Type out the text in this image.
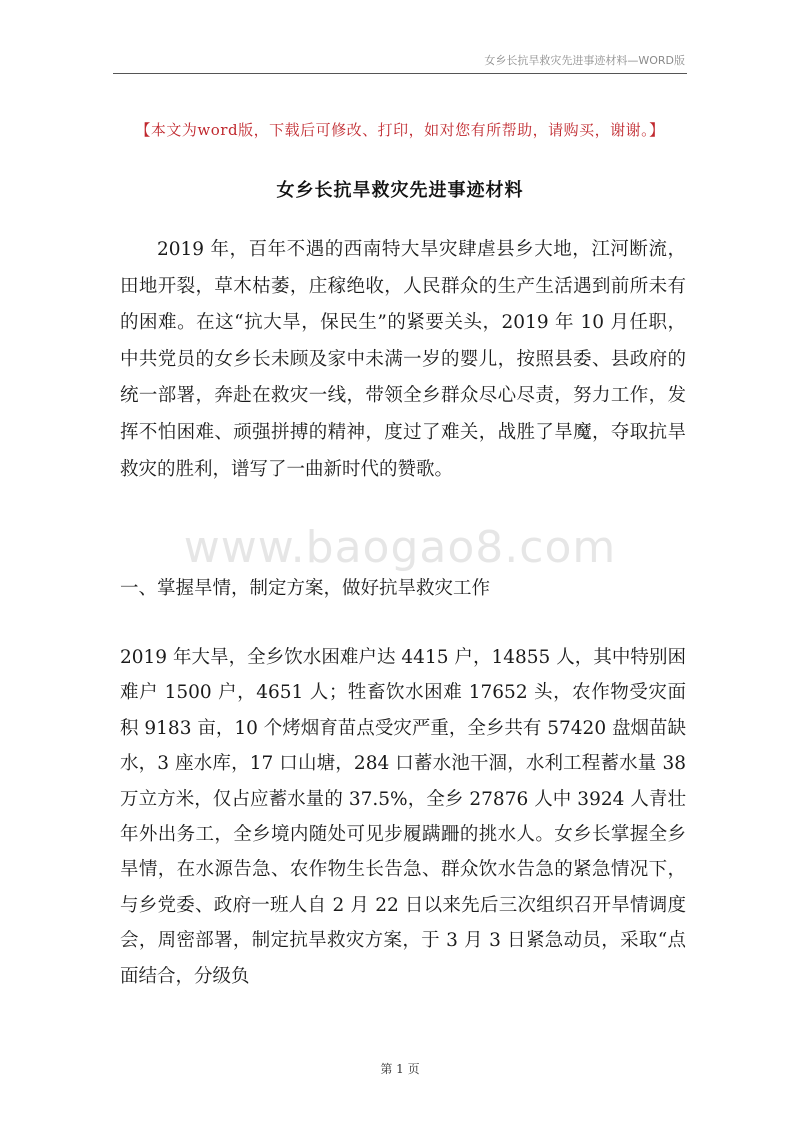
女乡长抗旱救灾先进事迹材料—WORD版
【本文为word版，下载后可修改、打印，如对您有所帮助，请购买，谢谢。】
女乡长抗旱救灾先进事迹材料
2019 年，百年不遇的西南特大旱灾肆虐县乡大地，江河断流，田地开裂，草木枯萎，庄稼绝收，人民群众的生产生活遇到前所未有的困难。在这“抗大旱，保民生”的紧要关头，2019 年 10 月任职，中共党员的女乡长未顾及家中未满一岁的婴儿，按照县委、县政府的统一部署，奔赴在救灾一线，带领全乡群众尽心尽责，努力工作，发挥不怕困难、顽强拼搏的精神，度过了难关，战胜了旱魔，夺取抗旱救灾的胜利，谱写了一曲新时代的赞歌。
www.baogao8.com
一、掌握旱情，制定方案，做好抗旱救灾工作
2019 年大旱，全乡饮水困难户达 4415 户，14855 人，其中特别困难户 1500 户，4651 人；牲畜饮水困难 17652 头，农作物受灾面积 9183 亩，10 个烤烟育苗点受灾严重，全乡共有 57420 盘烟苗缺水，3 座水库，17 口山塘，284 口蓄水池干涸，水利工程蓄水量 38 万立方米，仅占应蓄水量的 37.5%，全乡 27876 人中 3924 人青壮年外出务工，全乡境内随处可见步履蹒跚的挑水人。女乡长掌握全乡旱情，在水源告急、农作物生长告急、群众饮水告急的紧急情况下，与乡党委、政府一班人自 2 月 22 日以来先后三次组织召开旱情调度会，周密部署，制定抗旱救灾方案，于 3 月 3 日紧急动员，采取“点面结合，分级负
第 1 页
